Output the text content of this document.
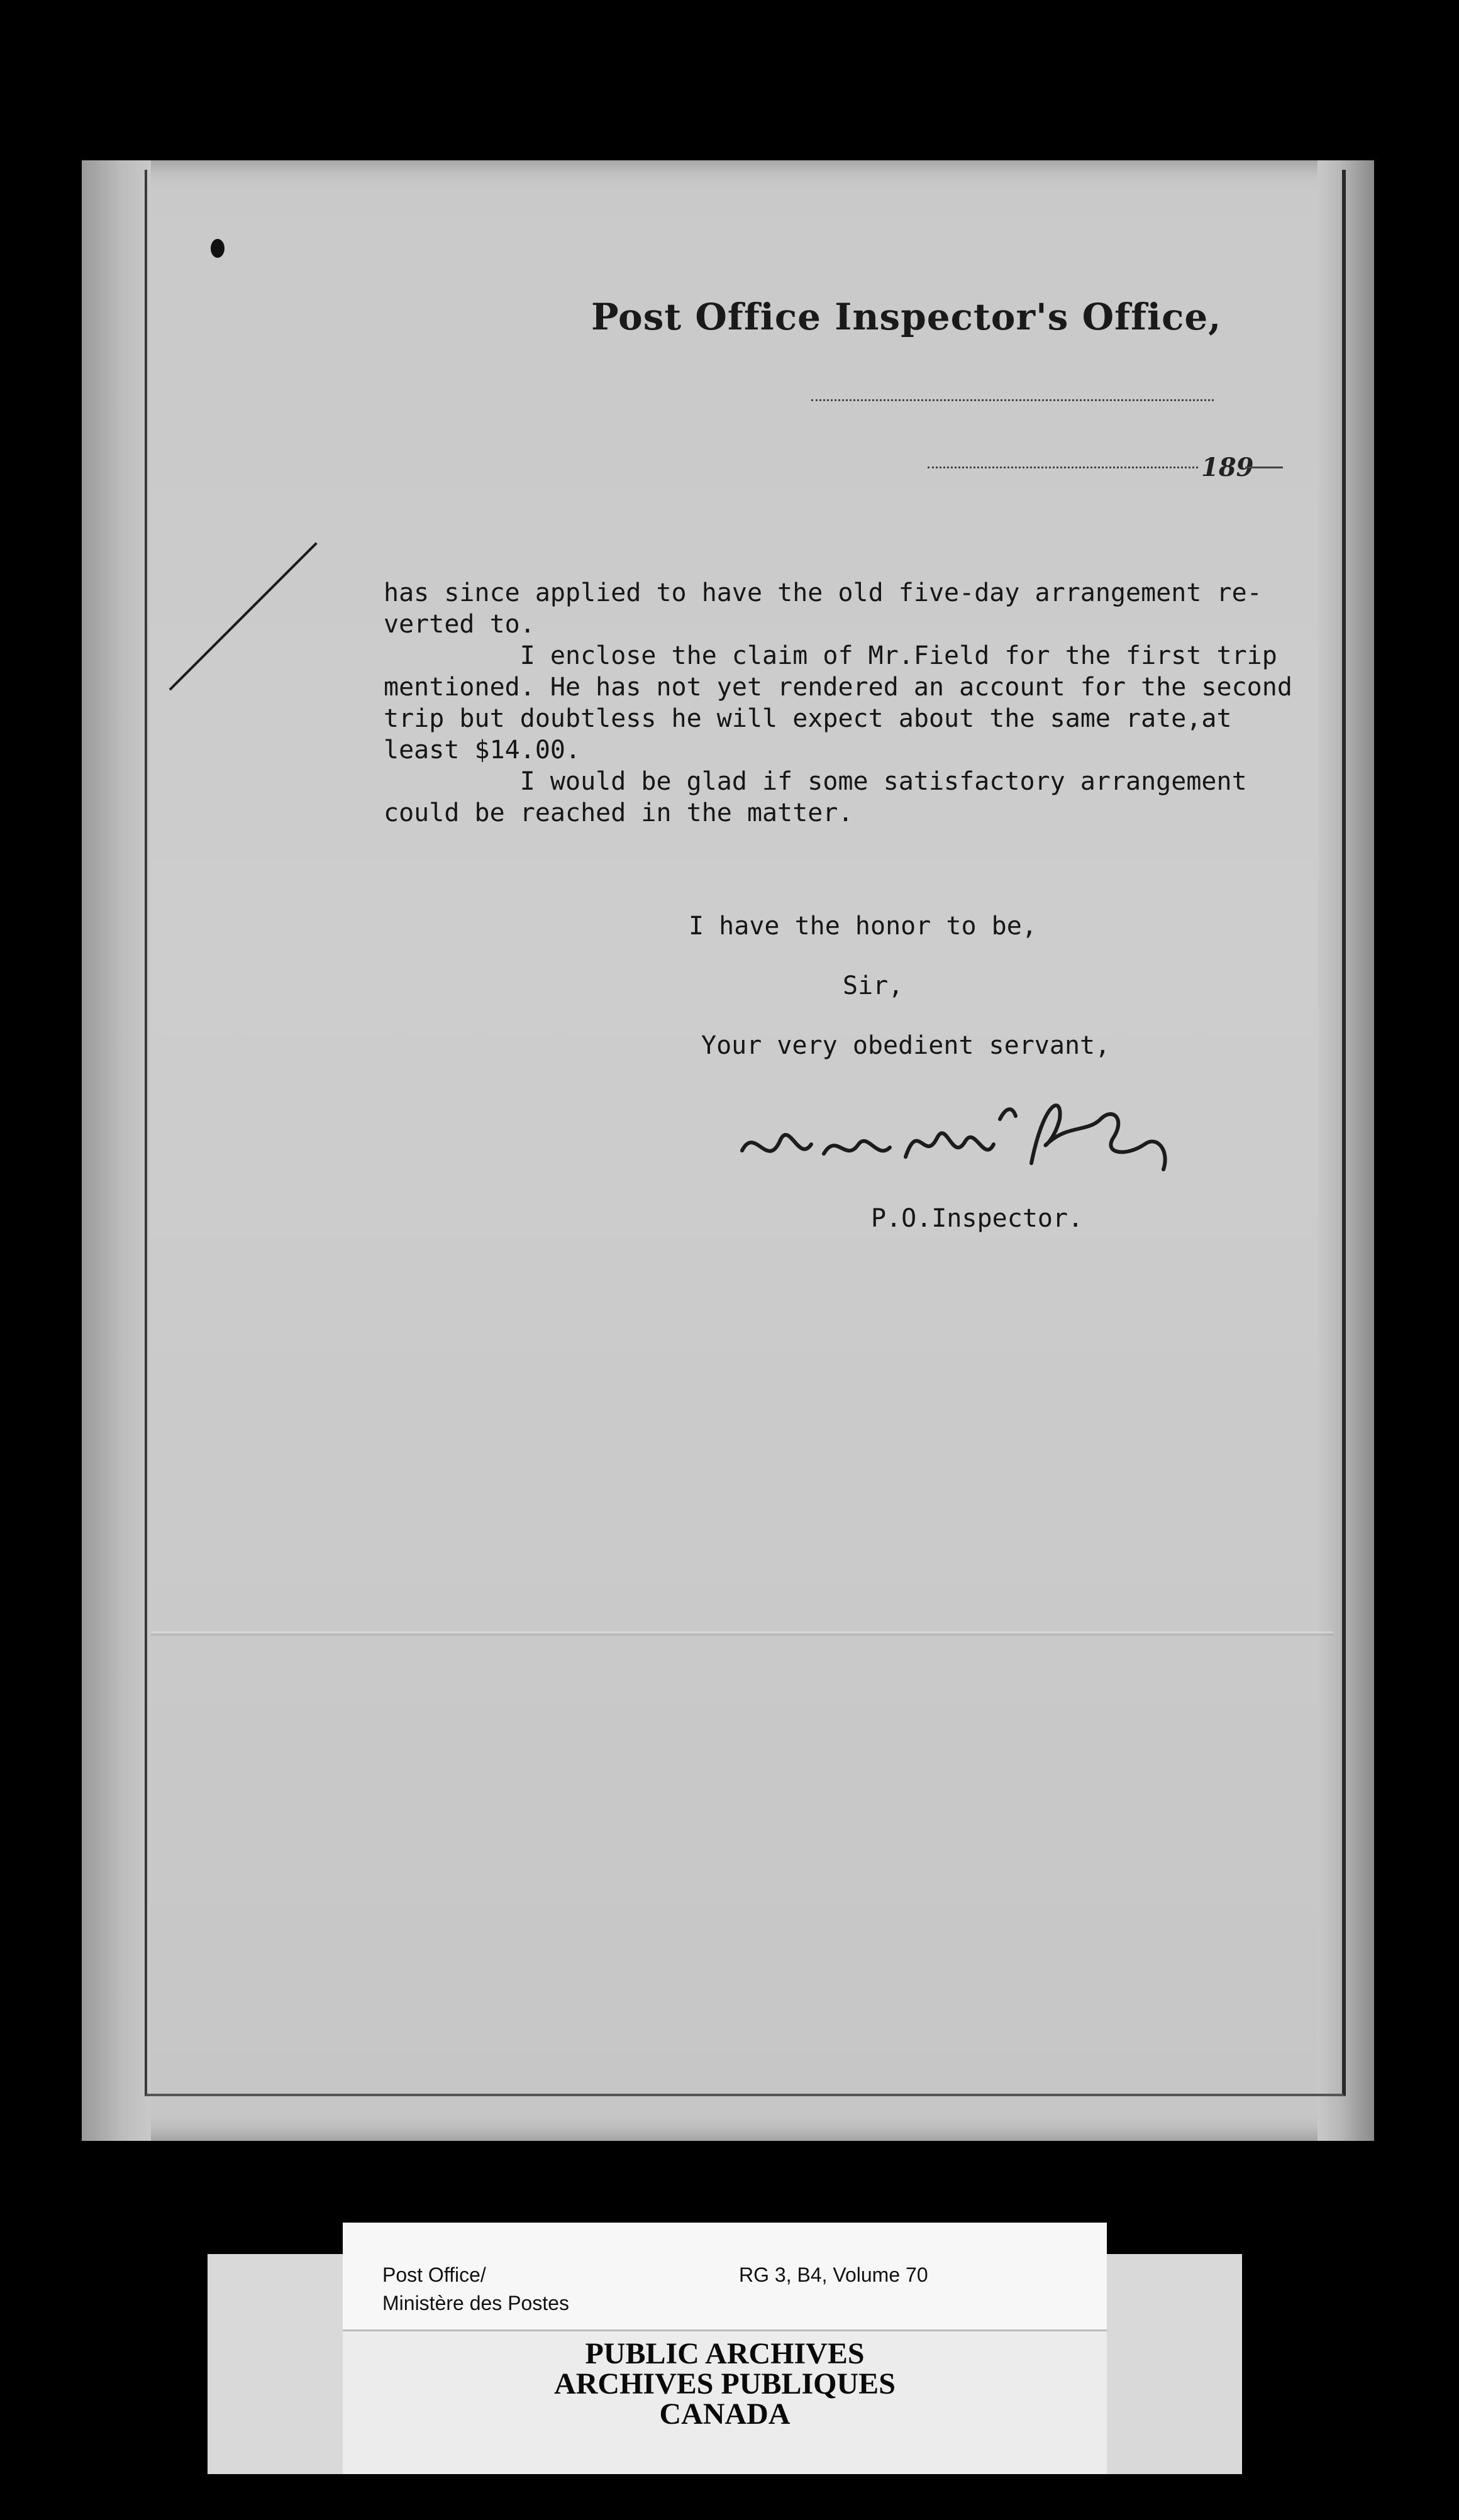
Post Office Inspector's Office,
189
has since applied to have the old five-day arrangement re-
verted to.
I enclose the claim of Mr.Field for the first trip
mentioned. He has not yet rendered an account for the second
trip but doubtless he will expect about the same rate,at
least $14.00.
I would be glad if some satisfactory arrangement
could be reached in the matter.
I have the honor to be,
Sir,
Your very obedient servant,
P.O.Inspector.
Post Office/
Ministère des Postes
RG 3, B4, Volume 70
PUBLIC ARCHIVES
ARCHIVES PUBLIQUES
CANADA
